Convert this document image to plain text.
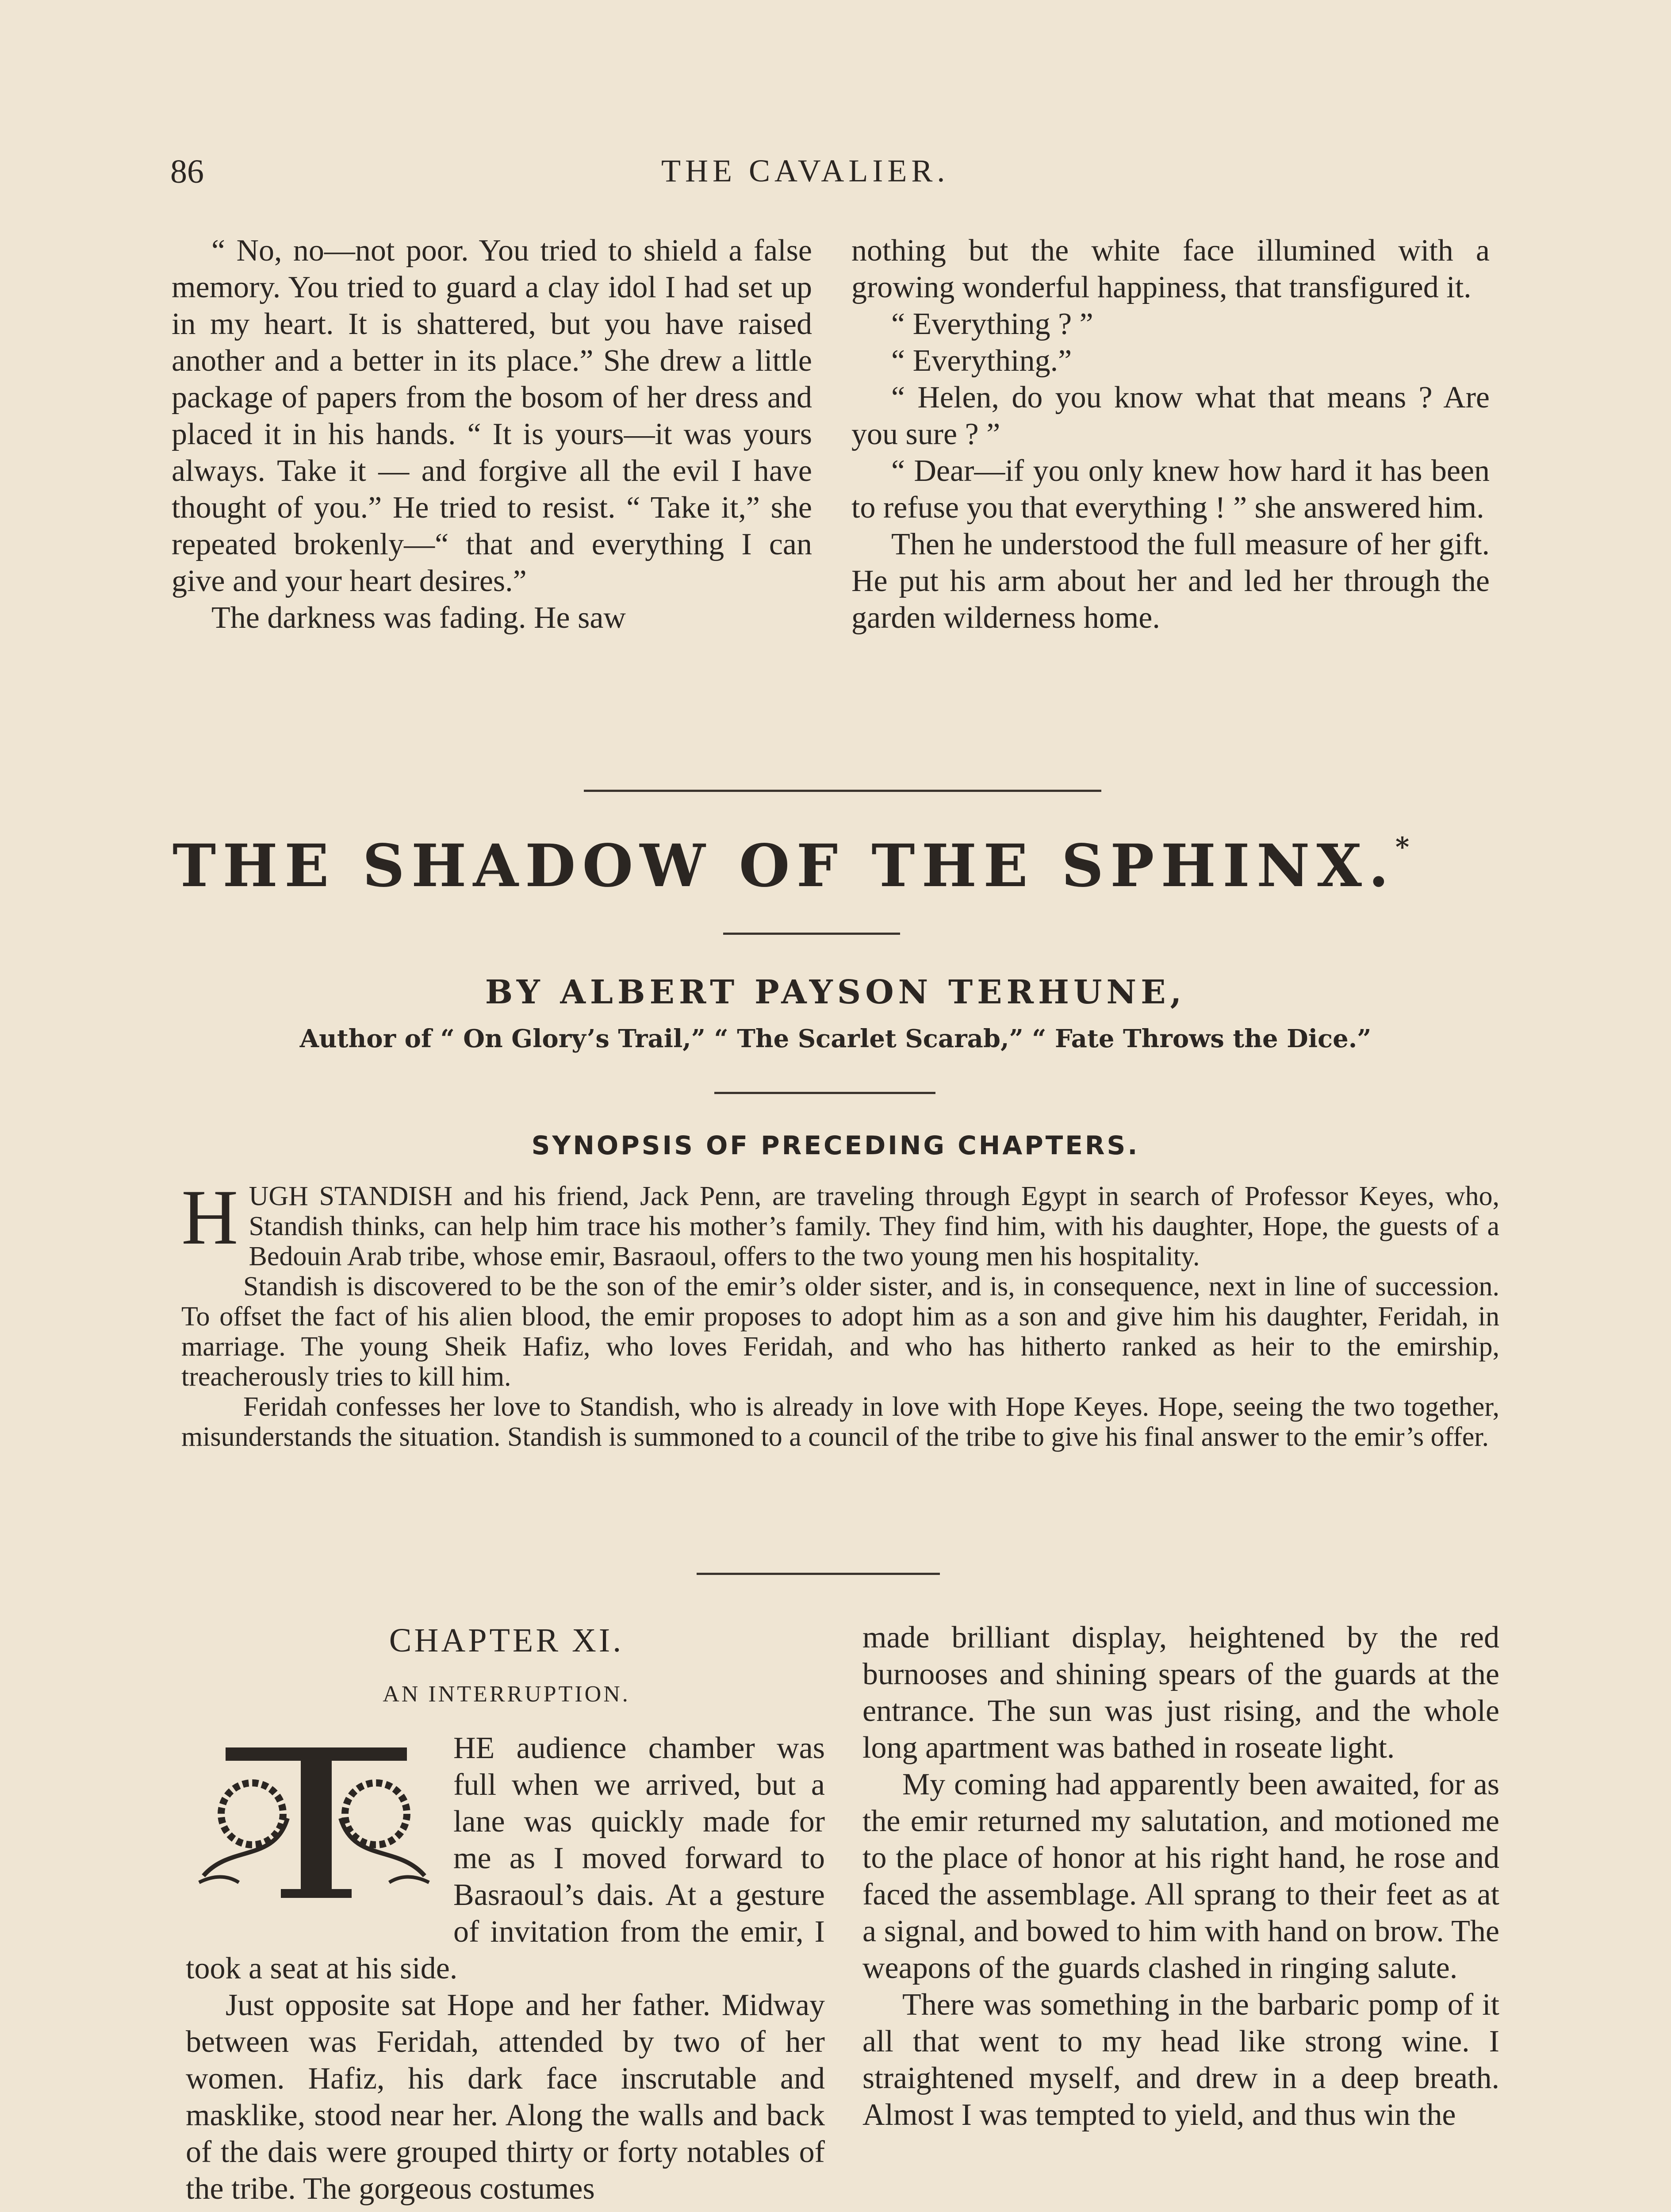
86	THE CAVALIER.

“ No, no—not poor. You tried to shield a false memory. You tried to guard a clay idol I had set up in my heart. It is shattered, but you have raised another and a better in its place.” She drew a little package of papers from the bosom of her dress and placed it in his hands. “ It is yours—it was yours always. Take it — and forgive all the evil I have thought of you.” He tried to resist. “ Take it,” she repeated brokenly—“ that and everything I can give and your heart desires.”

The darkness was fading. He saw

nothing but the white face illumined with a growing wonderful happiness, that transfigured it.

“ Everything ? ”

“ Everything.”

“ Helen, do you know what that means ? Are you sure ? ”

“ Dear—if you only knew how hard it has been to refuse you that everything ! ” she answered him.

Then he understood the full measure of her gift. He put his arm about her and led her through the garden wilderness home.

THE SHADOW OF THE SPHINX.*
BY ALBERT PAYSON TERHUNE,
Author of “ On Glory’s Trail,” “ The Scarlet Scarab,” “ Fate Throws the Dice.”
SYNOPSIS OF PRECEDING CHAPTERS.

HUGH STANDISH and his friend, Jack Penn, are traveling through Egypt in search of Professor Keyes, who, Standish thinks, can help him trace his mother’s family. They find him, with his daughter, Hope, the guests of a Bedouin Arab tribe, whose emir, Basraoul, offers to the two young men his hospitality.

Standish is discovered to be the son of the emir’s older sister, and is, in consequence, next in line of succession. To offset the fact of his alien blood, the emir proposes to adopt him as a son and give him his daughter, Feridah, in marriage. The young Sheik Hafiz, who loves Feridah, and who has hitherto ranked as heir to the emirship, treacherously tries to kill him.

Feridah confesses her love to Standish, who is already in love with Hope Keyes. Hope, seeing the two together, misunderstands the situation. Standish is summoned to a council of the tribe to give his final answer to the emir’s offer.

CHAPTER XI.
AN INTERRUPTION.

T
HE audience chamber was full when we arrived, but a lane was quickly made for me as I moved forward to Basraoul’s dais. At a gesture of invitation from the emir, I took a seat at his side.

Just opposite sat Hope and her father. Midway between was Feridah, attended by two of her women. Hafiz, his dark face inscrutable and masklike, stood near her. Along the walls and back of the dais were grouped thirty or forty notables of the tribe. The gorgeous costumes

made brilliant display, heightened by the red burnooses and shining spears of the guards at the entrance. The sun was just rising, and the whole long apartment was bathed in roseate light.

My coming had apparently been awaited, for as the emir returned my salutation, and motioned me to the place of honor at his right hand, he rose and faced the assemblage. All sprang to their feet as at a signal, and bowed to him with hand on brow. The weapons of the guards clashed in ringing salute.

There was something in the barbaric pomp of it all that went to my head like strong wine. I straightened myself, and drew in a deep breath. Almost I was tempted to yield, and thus win the
